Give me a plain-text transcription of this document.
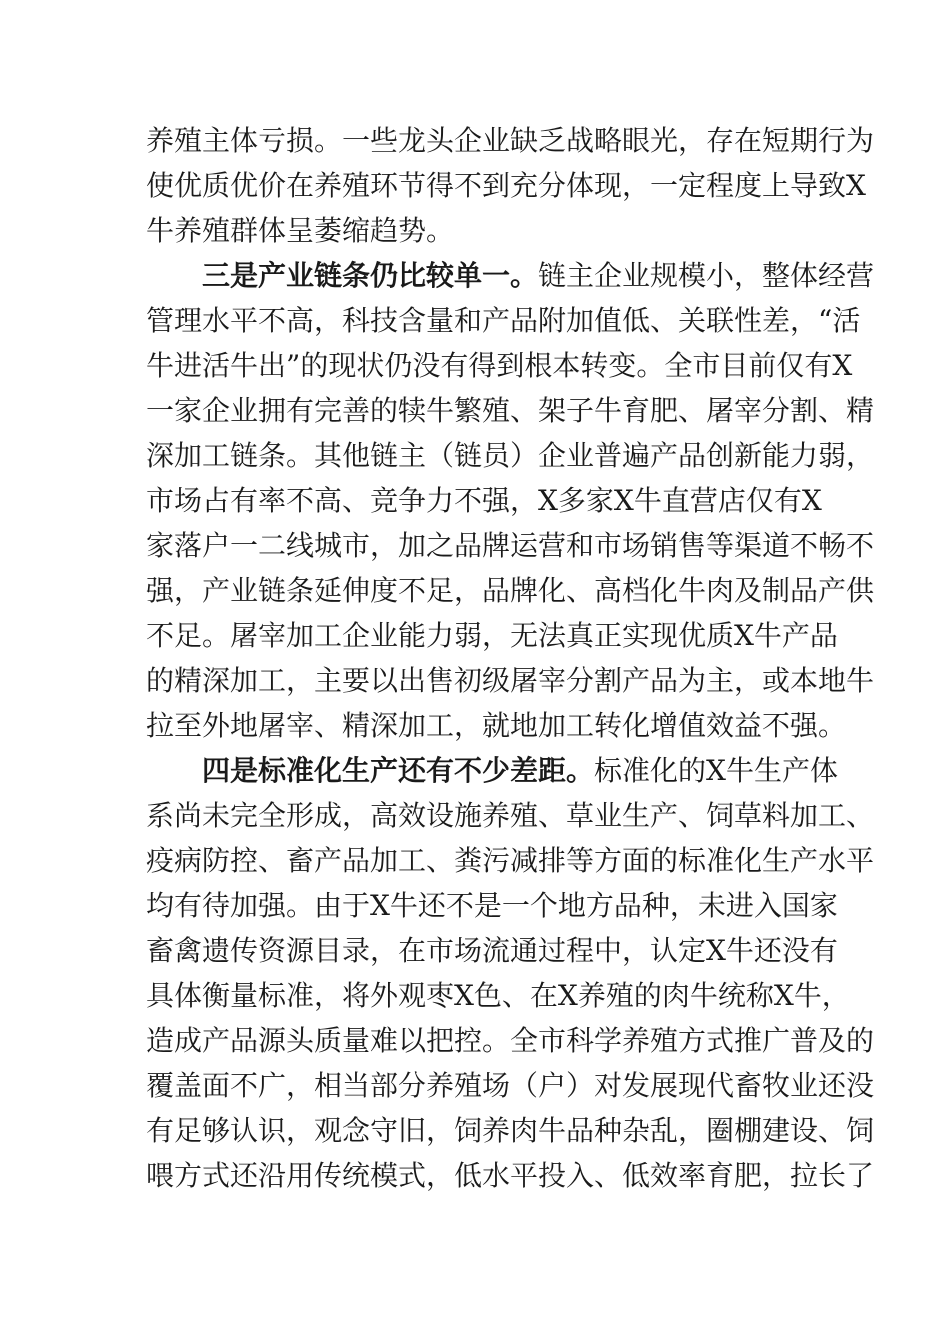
养殖主体亏损。一些龙头企业缺乏战略眼光，存在短期行为
使优质优价在养殖环节得不到充分体现，一定程度上导致X
牛养殖群体呈萎缩趋势。
三是产业链条仍比较单一。链主企业规模小，整体经营
管理水平不高，科技含量和产品附加值低、关联性差，“活
牛进活牛出”的现状仍没有得到根本转变。全市目前仅有X
一家企业拥有完善的犊牛繁殖、架子牛育肥、屠宰分割、精
深加工链条。其他链主（链员）企业普遍产品创新能力弱，
市场占有率不高、竞争力不强，X多家X牛直营店仅有X
家落户一二线城市，加之品牌运营和市场销售等渠道不畅不
强，产业链条延伸度不足，品牌化、高档化牛肉及制品产供
不足。屠宰加工企业能力弱，无法真正实现优质X牛产品
的精深加工，主要以出售初级屠宰分割产品为主，或本地牛
拉至外地屠宰、精深加工，就地加工转化增值效益不强。
四是标准化生产还有不少差距。标准化的X牛生产体
系尚未完全形成，高效设施养殖、草业生产、饲草料加工、
疫病防控、畜产品加工、粪污减排等方面的标准化生产水平
均有待加强。由于X牛还不是一个地方品种，未进入国家
畜禽遗传资源目录，在市场流通过程中，认定X牛还没有
具体衡量标准，将外观枣X色、在X养殖的肉牛统称X牛，
造成产品源头质量难以把控。全市科学养殖方式推广普及的
覆盖面不广，相当部分养殖场（户）对发展现代畜牧业还没
有足够认识，观念守旧，饲养肉牛品种杂乱，圈棚建设、饲
喂方式还沿用传统模式，低水平投入、低效率育肥，拉长了
